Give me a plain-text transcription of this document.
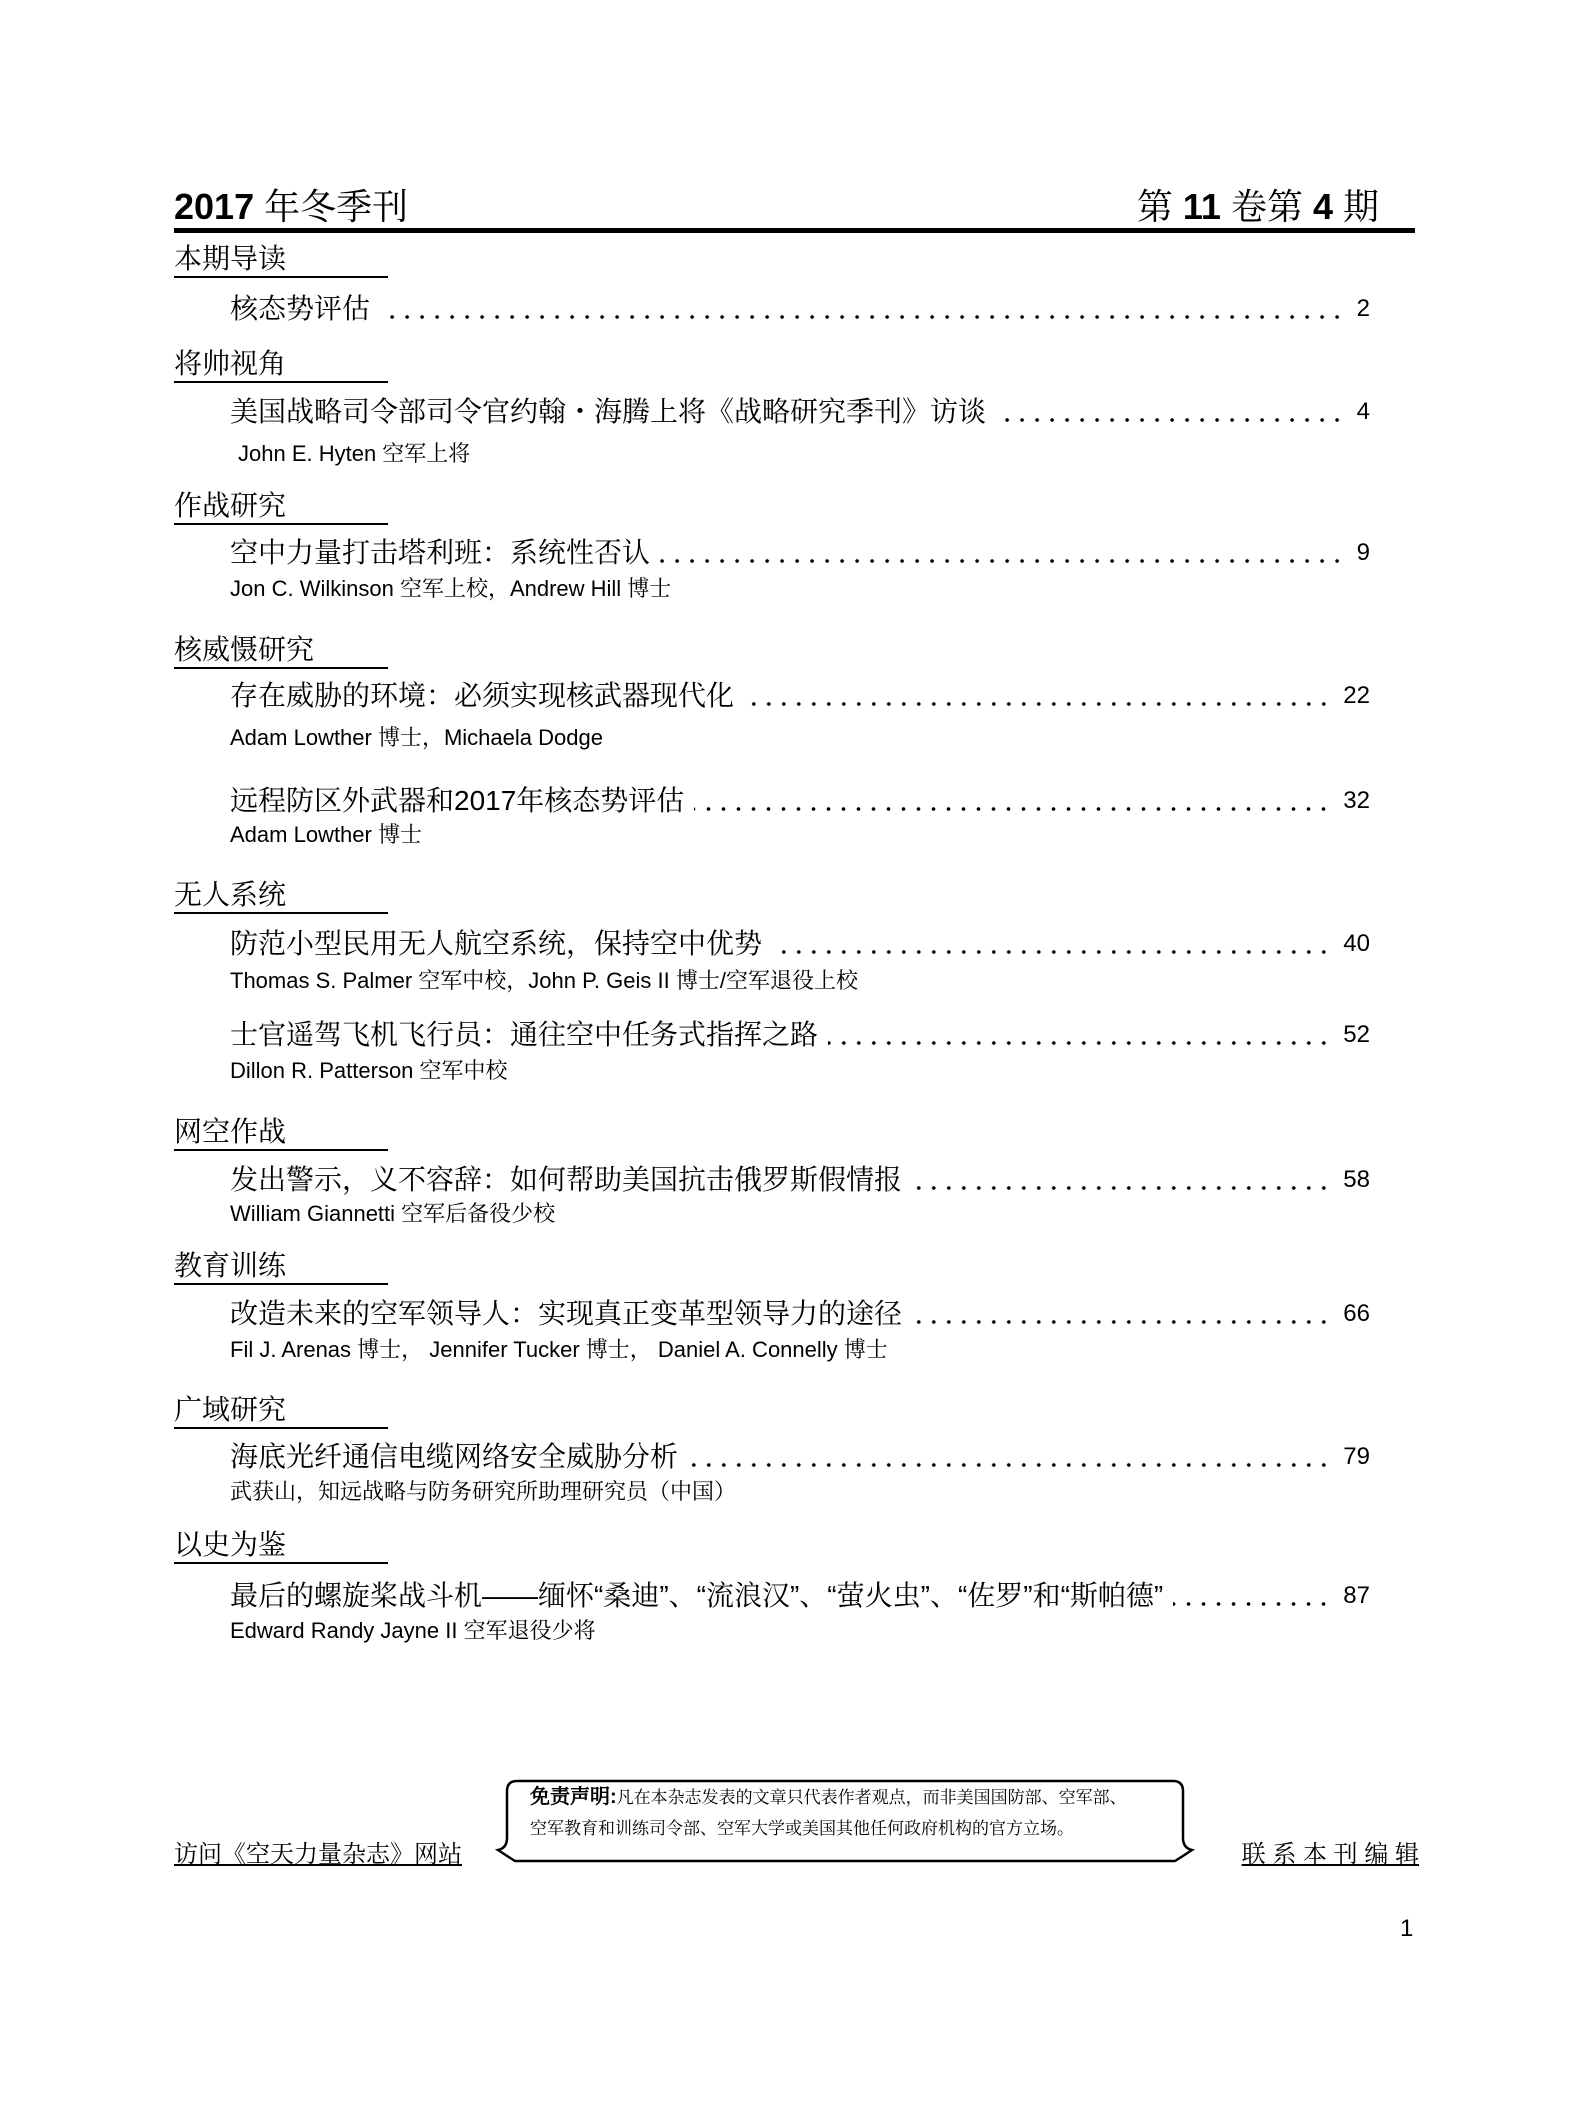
2017 年冬季刊	第 11 卷第 4 期
本期导读
核态势评估	2
将帅视角
美国战略司令部司令官约翰・海腾上将《战略研究季刊》访谈	4
John E. Hyten 空军上将
作战研究
空中力量打击塔利班：系统性否认	9
Jon C. Wilkinson 空军上校，Andrew Hill 博士
核威慑研究
存在威胁的环境：必须实现核武器现代化	22
Adam Lowther 博士，Michaela Dodge
远程防区外武器和2017年核态势评估	32
Adam Lowther 博士
无人系统
防范小型民用无人航空系统，保持空中优势	40
Thomas S. Palmer 空军中校，John P. Geis II 博士/空军退役上校
士官遥驾飞机飞行员：通往空中任务式指挥之路	52
Dillon R. Patterson 空军中校
网空作战
发出警示，义不容辞：如何帮助美国抗击俄罗斯假情报	58
William Giannetti 空军后备役少校
教育训练
改造未来的空军领导人：实现真正变革型领导力的途径	66
Fil J. Arenas 博士， Jennifer Tucker 博士， Daniel A. Connelly 博士
广域研究
海底光纤通信电缆网络安全威胁分析	79
武获山，知远战略与防务研究所助理研究员（中国）
以史为鉴
最后的螺旋桨战斗机——缅怀“桑迪”、“流浪汉”、“萤火虫”、“佐罗”和“斯帕德”	87
Edward Randy Jayne II 空军退役少将
免责声明:凡在本杂志发表的文章只代表作者观点，而非美国国防部、空军部、
空军教育和训练司令部、空军大学或美国其他任何政府机构的官方立场。
访问《空天力量杂志》网站	联 系 本 刊 编 辑
1
